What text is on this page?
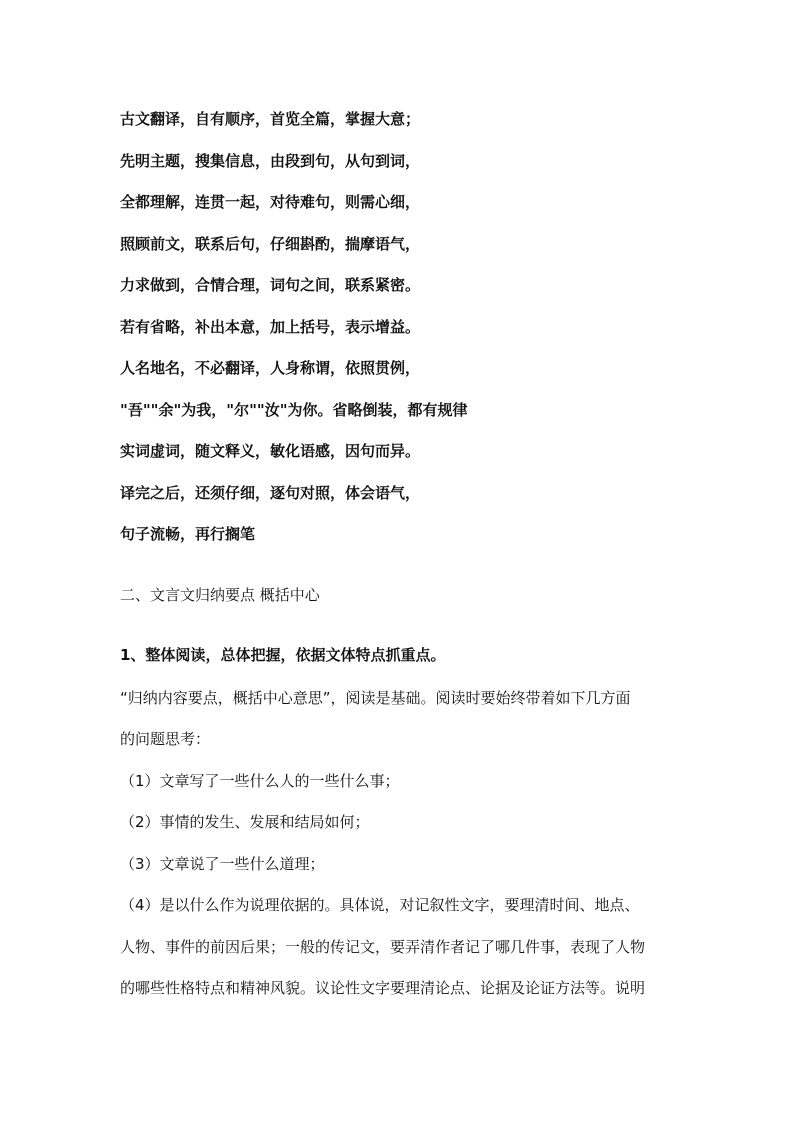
古文翻译，自有顺序，首览全篇，掌握大意；
先明主题，搜集信息，由段到句，从句到词，
全都理解，连贯一起，对待难句，则需心细，
照顾前文，联系后句，仔细斟酌，揣摩语气，
力求做到，合情合理，词句之间，联系紧密。
若有省略，补出本意，加上括号，表示增益。
人名地名，不必翻译，人身称谓，依照贯例，
"吾""余"为我，"尔""汝"为你。省略倒装，都有规律
实词虚词，随文释义，敏化语感，因句而异。
译完之后，还须仔细，逐句对照，体会语气，
句子流畅，再行搁笔
二、文言文归纳要点 概括中心
1、整体阅读，总体把握，依据文体特点抓重点。
“归纳内容要点，概括中心意思”，阅读是基础。阅读时要始终带着如下几方面
的问题思考：
（1）文章写了一些什么人的一些什么事；
（2）事情的发生、发展和结局如何；
（3）文章说了一些什么道理；
（4）是以什么作为说理依据的。具体说，对记叙性文字，要理清时间、地点、
人物、事件的前因后果；一般的传记文，要弄清作者记了哪几件事，表现了人物
的哪些性格特点和精神风貌。议论性文字要理清论点、论据及论证方法等。说明
